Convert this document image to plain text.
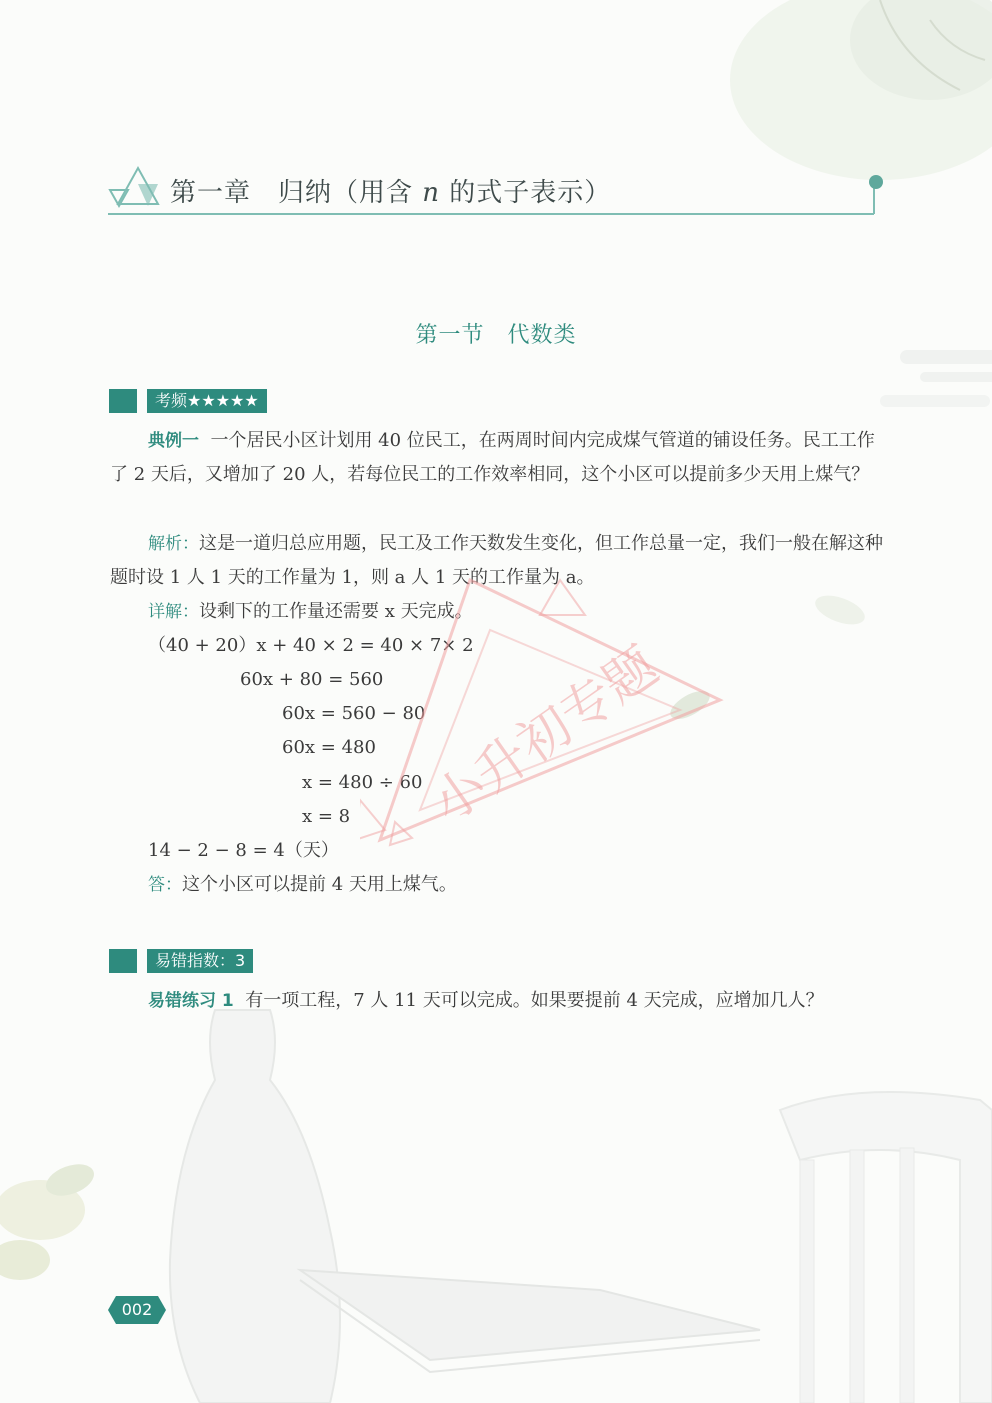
第一章　归纳（用含 n 的式子表示）
第一节　代数类
考频★★★★★
典例一 一个居民小区计划用 40 位民工，在两周时间内完成煤气管道的铺设任务。民工工作了 2 天后，又增加了 20 人，若每位民工的工作效率相同，这个小区可以提前多少天用上煤气？
解析：这是一道归总应用题，民工及工作天数发生变化，但工作总量一定，我们一般在解这种题时设 1 人 1 天的工作量为 1，则 a 人 1 天的工作量为 a。
详解：设剩下的工作量还需要 x 天完成。
（40 + 20）x + 40 × 2 = 40 × 7× 2
60x + 80 = 560
60x = 560 − 80
60x = 480
x = 480 ÷ 60
x = 8
14 − 2 − 8 = 4（天）
答：这个小区可以提前 4 天用上煤气。
小升初专题
易错指数：3
易错练习 1 有一项工程，7 人 11 天可以完成。如果要提前 4 天完成，应增加几人？
002
